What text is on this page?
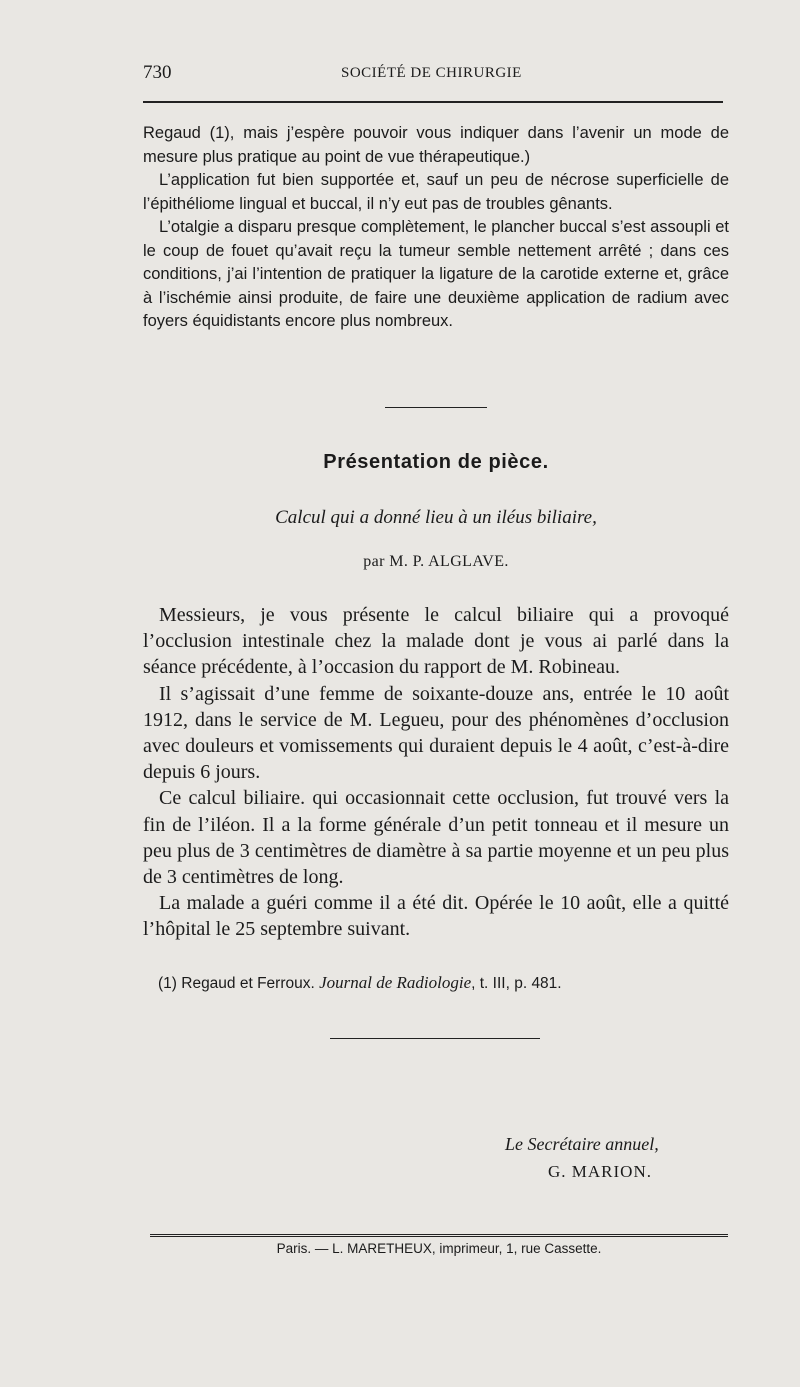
730	SOCIÉTÉ DE CHIRURGIE

Regaud (1), mais j’espère pouvoir vous indiquer dans l’avenir un mode de mesure plus pratique au point de vue thérapeutique.)

L’application fut bien supportée et, sauf un peu de nécrose superficielle de l’épithéliome lingual et buccal, il n’y eut pas de troubles gênants.

L’otalgie a disparu presque complètement, le plancher buccal s’est assoupli et le coup de fouet qu’avait reçu la tumeur semble nettement arrêté ; dans ces conditions, j’ai l’intention de pratiquer la ligature de la carotide externe et, grâce à l’ischémie ainsi produite, de faire une deuxième application de radium avec foyers équidistants encore plus nombreux.

Présentation de pièce.
Calcul qui a donné lieu à un iléus biliaire,
par M. P. ALGLAVE.

Messieurs, je vous présente le calcul biliaire qui a provoqué l’occlusion intestinale chez la malade dont je vous ai parlé dans la séance précédente, à l’occasion du rapport de M. Robineau.

Il s’agissait d’une femme de soixante-douze ans, entrée le 10 août 1912, dans le service de M. Legueu, pour des phénomènes d’occlusion avec douleurs et vomissements qui duraient depuis le 4 août, c’est-à-dire depuis 6 jours.

Ce calcul biliaire. qui occasionnait cette occlusion, fut trouvé vers la fin de l’iléon. Il a la forme générale d’un petit tonneau et il mesure un peu plus de 3 centimètres de diamètre à sa partie moyenne et un peu plus de 3 centimètres de long.

La malade a guéri comme il a été dit. Opérée le 10 août, elle a quitté l’hôpital le 25 septembre suivant.

(1) Regaud et Ferroux. Journal de Radiologie, t. III, p. 481.
Le Secrétaire annuel,
G. MARION.
Paris. — L. MARETHEUX, imprimeur, 1, rue Cassette.
